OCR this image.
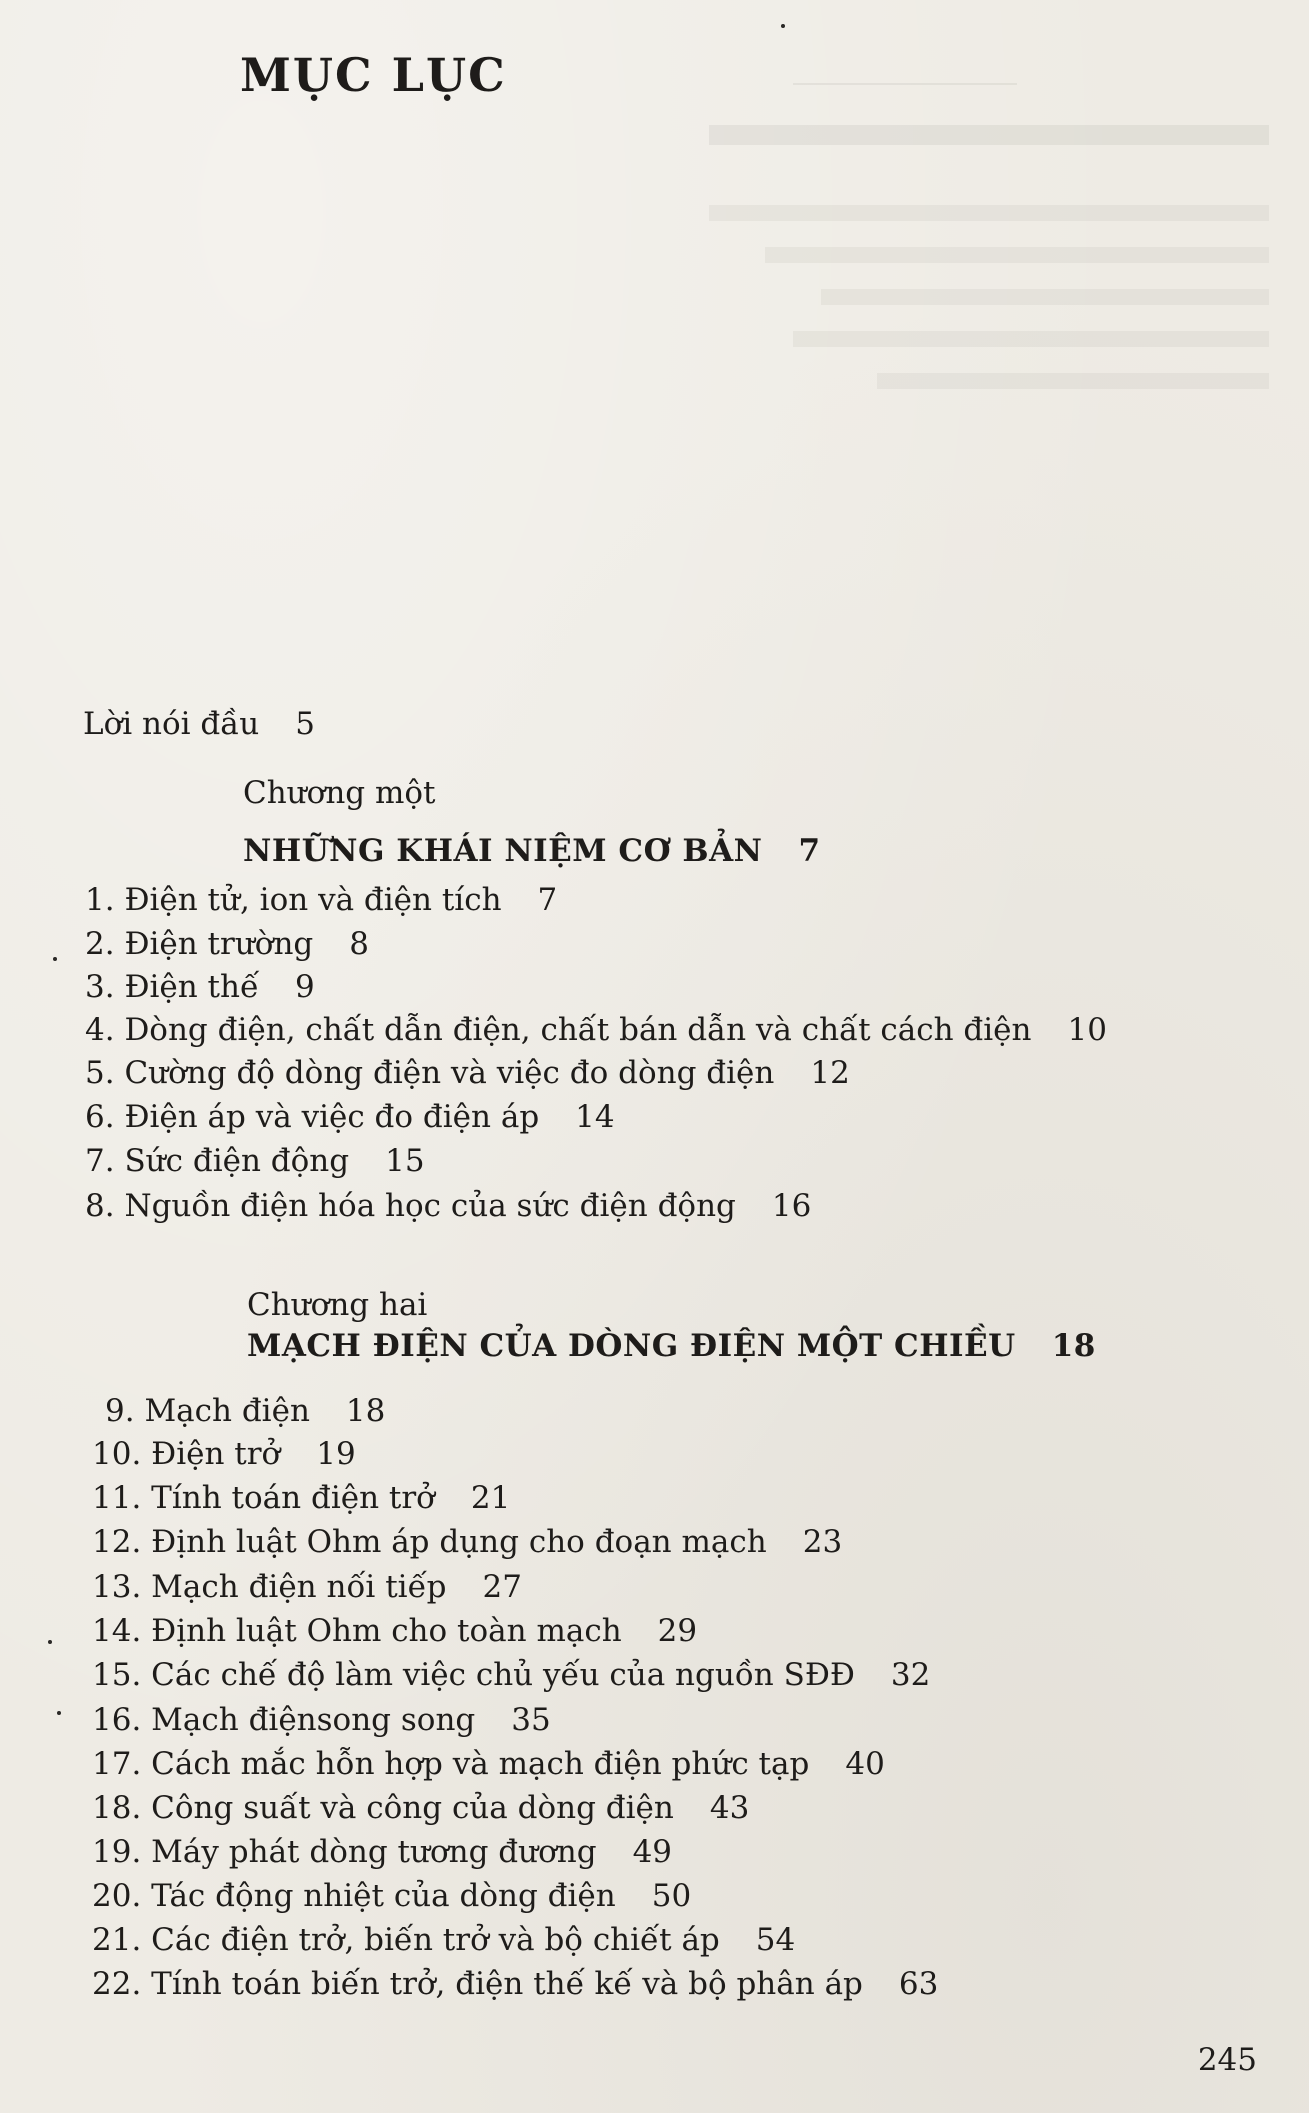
MỤC LỤC
Lời nói đầu 5
Chương một
NHỮNG KHÁI NIỆM CƠ BẢN 7
1. Điện tử, ion và điện tích 7
2. Điện trường 8
3. Điện thế 9
4. Dòng điện, chất dẫn điện, chất bán dẫn và chất cách điện 10
5. Cường độ dòng điện và việc đo dòng điện 12
6. Điện áp và việc đo điện áp 14
7. Sức điện động 15
8. Nguồn điện hóa học của sức điện động 16
Chương hai
MẠCH ĐIỆN CỦA DÒNG ĐIỆN MỘT CHIỀU 18
9. Mạch điện 18
10. Điện trở 19
11. Tính toán điện trở 21
12. Định luật Ohm áp dụng cho đoạn mạch 23
13. Mạch điện nối tiếp 27
14. Định luật Ohm cho toàn mạch 29
15. Các chế độ làm việc chủ yếu của nguồn SĐĐ 32
16. Mạch điệnsong song 35
17. Cách mắc hỗn hợp và mạch điện phức tạp 40
18. Công suất và công của dòng điện 43
19. Máy phát dòng tương đương 49
20. Tác động nhiệt của dòng điện 50
21. Các điện trở, biến trở và bộ chiết áp 54
22. Tính toán biến trở, điện thế kế và bộ phân áp 63
245
